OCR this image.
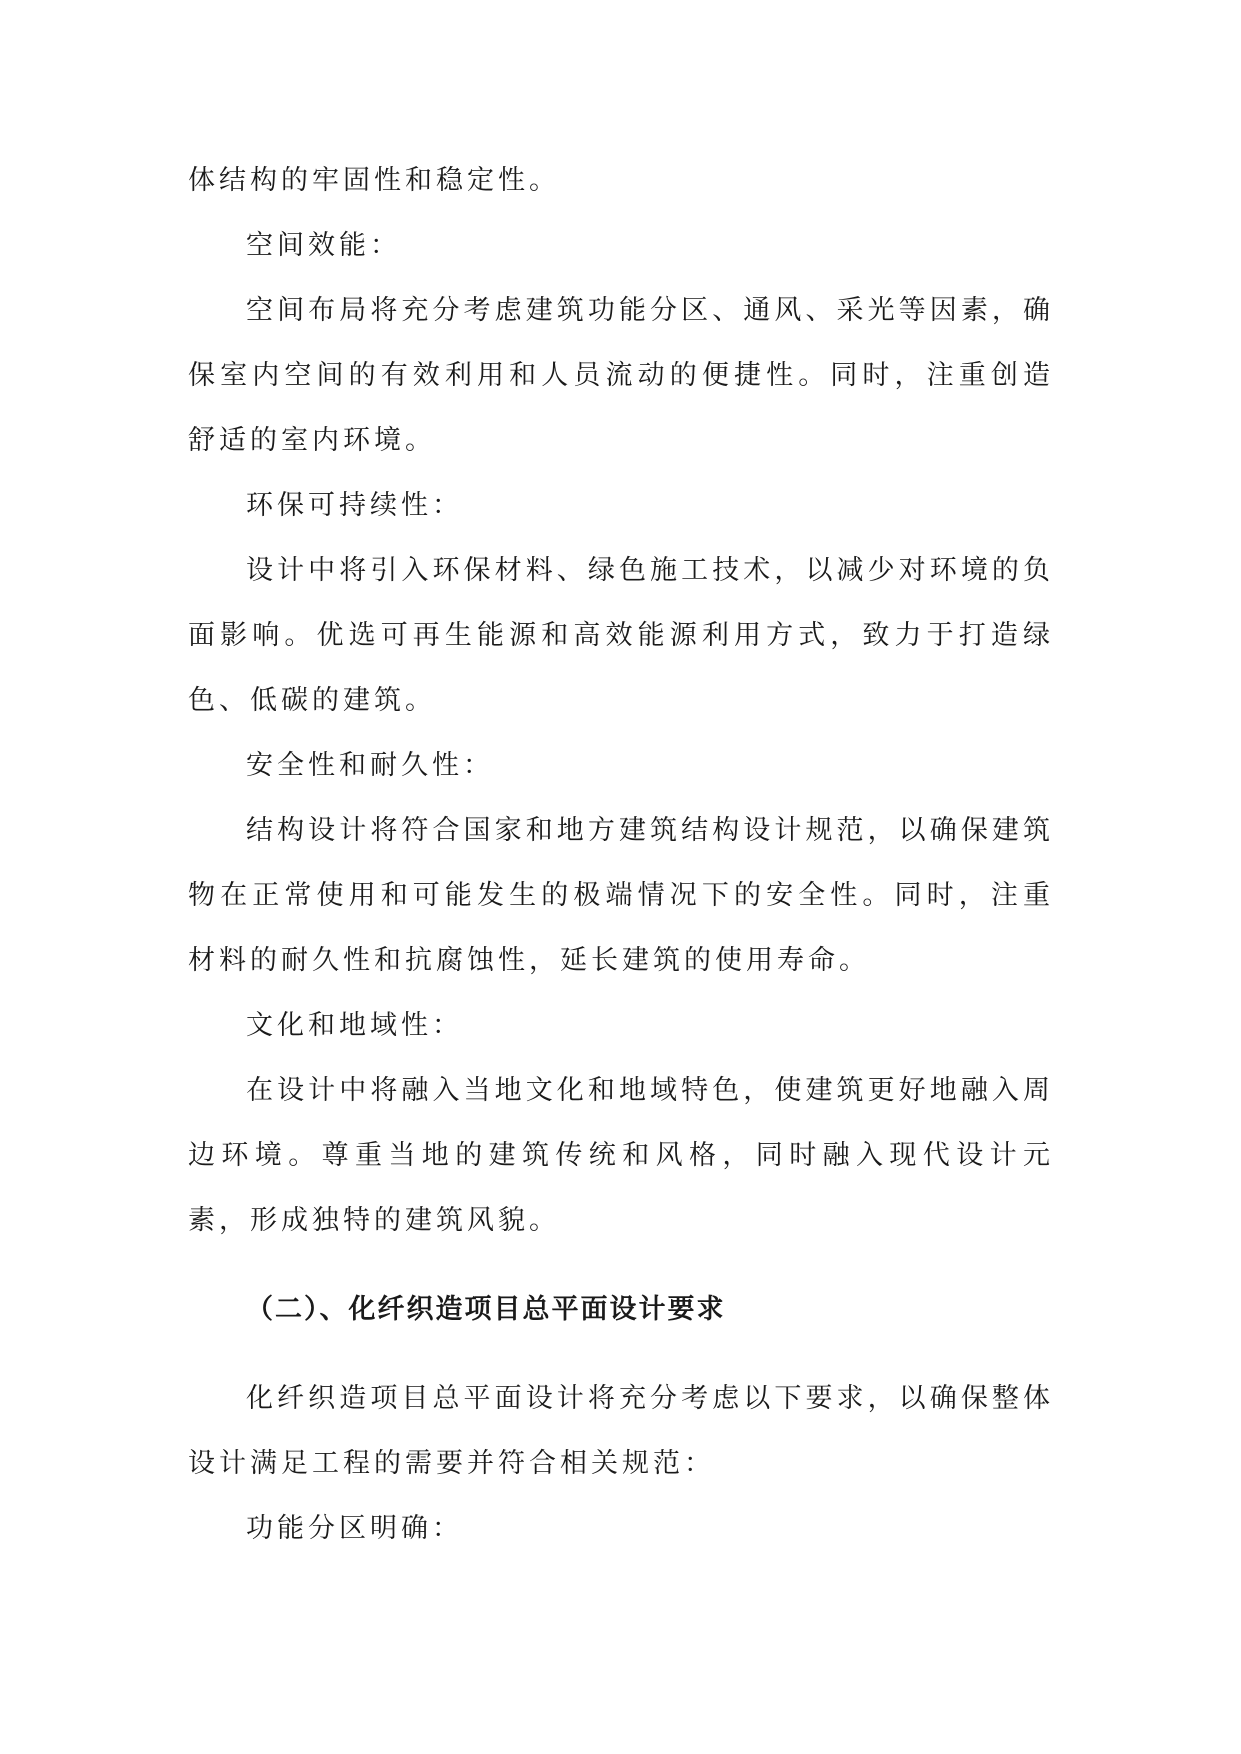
体结构的牢固性和稳定性。

空间效能：

空间布局将充分考虑建筑功能分区、通风、采光等因素，确保室内空间的有效利用和人员流动的便捷性。同时，注重创造舒适的室内环境。

环保可持续性：

设计中将引入环保材料、绿色施工技术，以减少对环境的负面影响。优选可再生能源和高效能源利用方式，致力于打造绿色、低碳的建筑。

安全性和耐久性：

结构设计将符合国家和地方建筑结构设计规范，以确保建筑物在正常使用和可能发生的极端情况下的安全性。同时，注重材料的耐久性和抗腐蚀性，延长建筑的使用寿命。

文化和地域性：

在设计中将融入当地文化和地域特色，使建筑更好地融入周边环境。尊重当地的建筑传统和风格，同时融入现代设计元素，形成独特的建筑风貌。

（二）、化纤织造项目总平面设计要求

化纤织造项目总平面设计将充分考虑以下要求，以确保整体设计满足工程的需要并符合相关规范：

功能分区明确：
